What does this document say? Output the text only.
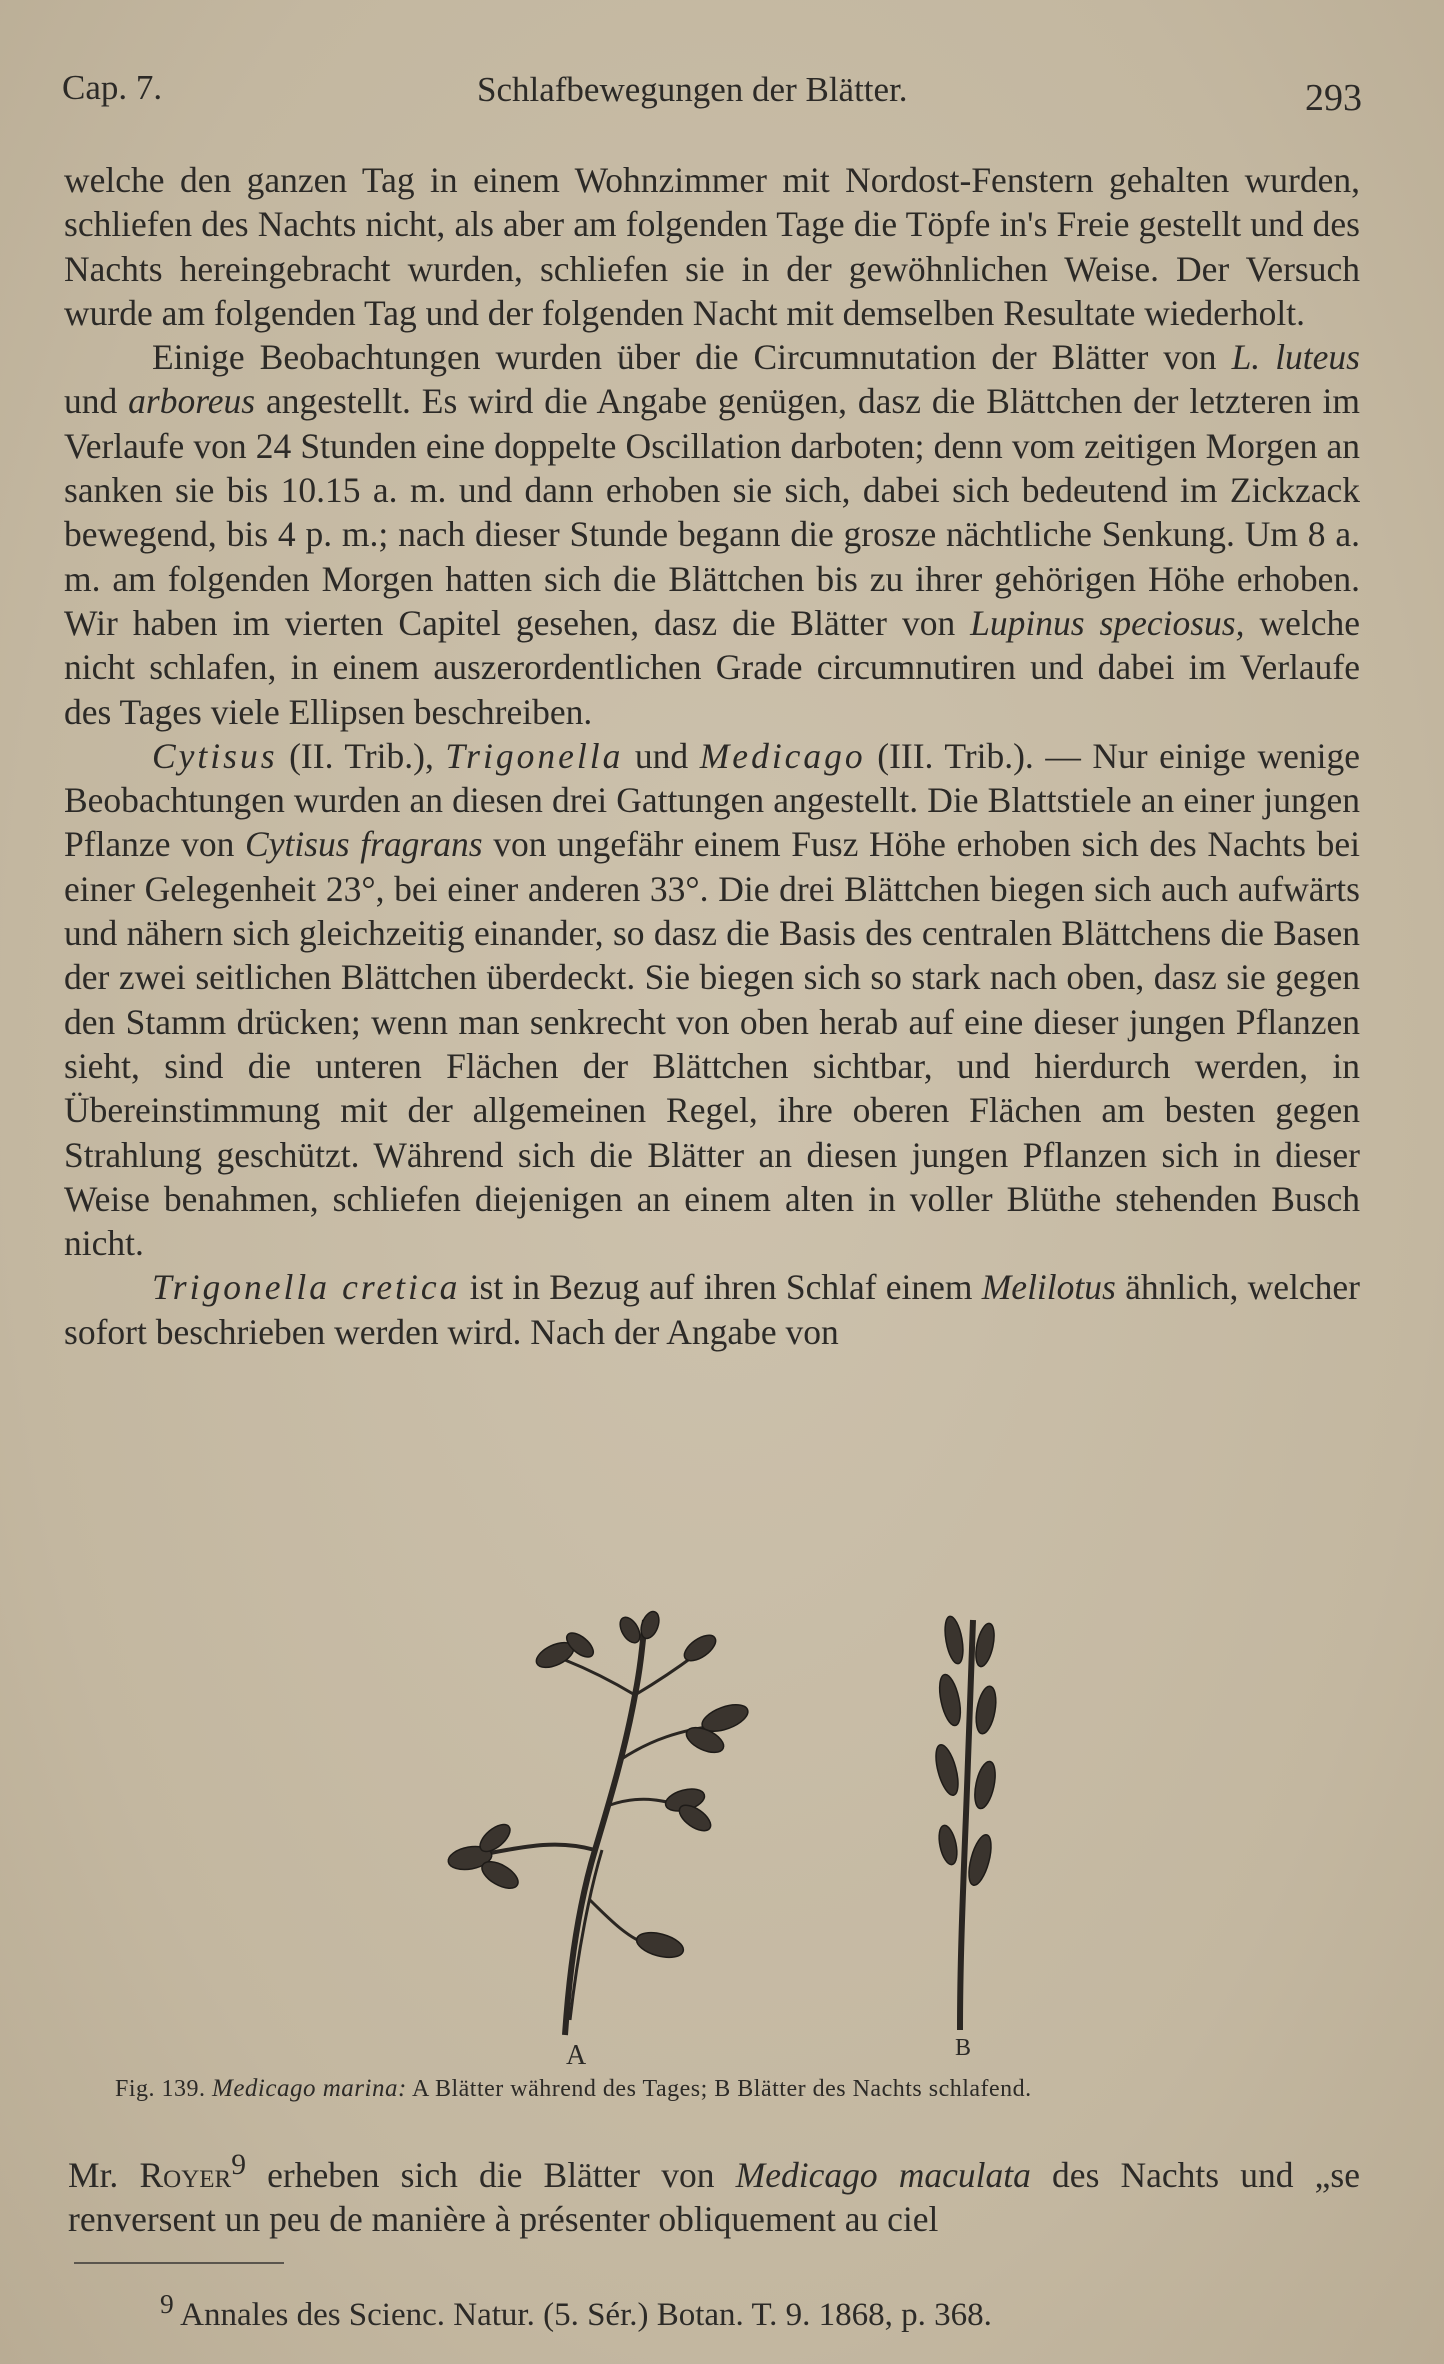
Cap. 7.	Schlafbewegungen der Blätter.	293

welche den ganzen Tag in einem Wohnzimmer mit Nordost-Fenstern gehalten wurden, schliefen des Nachts nicht, als aber am folgenden Tage die Töpfe in's Freie gestellt und des Nachts hereingebracht wurden, schliefen sie in der gewöhnlichen Weise. Der Versuch wurde am folgenden Tag und der folgenden Nacht mit demselben Resultate wiederholt.

Einige Beobachtungen wurden über die Circumnutation der Blätter von L. luteus und arboreus angestellt. Es wird die Angabe genügen, dasz die Blättchen der letzteren im Verlaufe von 24 Stunden eine doppelte Oscillation darboten; denn vom zeitigen Morgen an sanken sie bis 10.15 a. m. und dann erhoben sie sich, dabei sich bedeutend im Zickzack bewegend, bis 4 p. m.; nach dieser Stunde begann die grosze nächtliche Senkung. Um 8 a. m. am folgenden Morgen hatten sich die Blättchen bis zu ihrer gehörigen Höhe erhoben. Wir haben im vierten Capitel gesehen, dasz die Blätter von Lupinus speciosus, welche nicht schlafen, in einem auszerordentlichen Grade circumnutiren und dabei im Verlaufe des Tages viele Ellipsen beschreiben.

Cytisus (II. Trib.), Trigonella und Medicago (III. Trib.). — Nur einige wenige Beobachtungen wurden an diesen drei Gattungen angestellt. Die Blattstiele an einer jungen Pflanze von Cytisus fragrans von ungefähr einem Fusz Höhe erhoben sich des Nachts bei einer Gelegenheit 23°, bei einer anderen 33°. Die drei Blättchen biegen sich auch aufwärts und nähern sich gleichzeitig einander, so dasz die Basis des centralen Blättchens die Basen der zwei seitlichen Blättchen überdeckt. Sie biegen sich so stark nach oben, dasz sie gegen den Stamm drücken; wenn man senkrecht von oben herab auf eine dieser jungen Pflanzen sieht, sind die unteren Flächen der Blättchen sichtbar, und hierdurch werden, in Übereinstimmung mit der allgemeinen Regel, ihre oberen Flächen am besten gegen Strahlung geschützt. Während sich die Blätter an diesen jungen Pflanzen sich in dieser Weise benahmen, schliefen diejenigen an einem alten in voller Blüthe stehenden Busch nicht.

Trigonella cretica ist in Bezug auf ihren Schlaf einem Melilotus ähnlich, welcher sofort beschrieben werden wird. Nach der Angabe von

A	B
Fig. 139. Medicago marina: A Blätter während des Tages; B Blätter des Nachts schlafend.

Mr. Royer$^9$ erheben sich die Blätter von Medicago maculata des Nachts und „se renversent un peu de manière à présenter obliquement au ciel

$^9$ Annales des Scienc. Natur. (5. Sér.) Botan. T. 9. 1868, p. 368.
